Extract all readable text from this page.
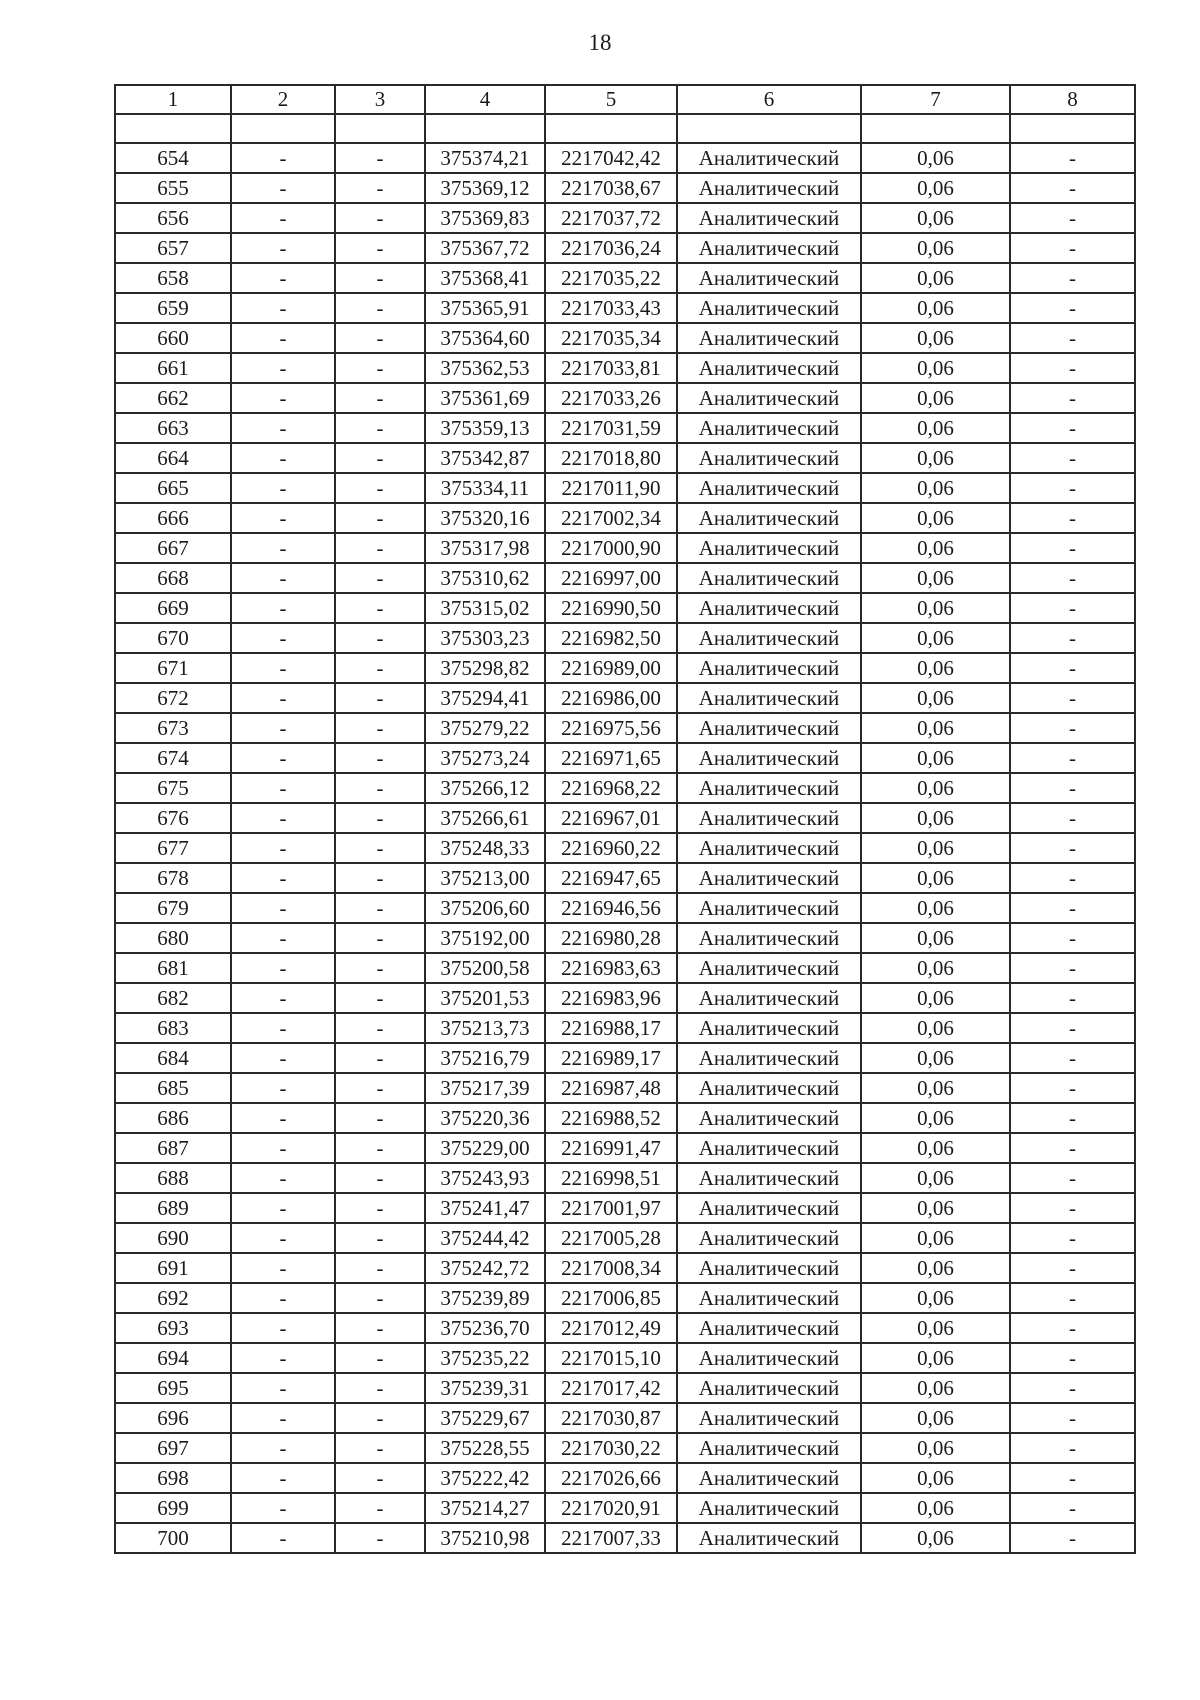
18
1	2	3	4	5	6	7	8

654	-	-	375374,21	2217042,42	Аналитический	0,06	-
655	-	-	375369,12	2217038,67	Аналитический	0,06	-
656	-	-	375369,83	2217037,72	Аналитический	0,06	-
657	-	-	375367,72	2217036,24	Аналитический	0,06	-
658	-	-	375368,41	2217035,22	Аналитический	0,06	-
659	-	-	375365,91	2217033,43	Аналитический	0,06	-
660	-	-	375364,60	2217035,34	Аналитический	0,06	-
661	-	-	375362,53	2217033,81	Аналитический	0,06	-
662	-	-	375361,69	2217033,26	Аналитический	0,06	-
663	-	-	375359,13	2217031,59	Аналитический	0,06	-
664	-	-	375342,87	2217018,80	Аналитический	0,06	-
665	-	-	375334,11	2217011,90	Аналитический	0,06	-
666	-	-	375320,16	2217002,34	Аналитический	0,06	-
667	-	-	375317,98	2217000,90	Аналитический	0,06	-
668	-	-	375310,62	2216997,00	Аналитический	0,06	-
669	-	-	375315,02	2216990,50	Аналитический	0,06	-
670	-	-	375303,23	2216982,50	Аналитический	0,06	-
671	-	-	375298,82	2216989,00	Аналитический	0,06	-
672	-	-	375294,41	2216986,00	Аналитический	0,06	-
673	-	-	375279,22	2216975,56	Аналитический	0,06	-
674	-	-	375273,24	2216971,65	Аналитический	0,06	-
675	-	-	375266,12	2216968,22	Аналитический	0,06	-
676	-	-	375266,61	2216967,01	Аналитический	0,06	-
677	-	-	375248,33	2216960,22	Аналитический	0,06	-
678	-	-	375213,00	2216947,65	Аналитический	0,06	-
679	-	-	375206,60	2216946,56	Аналитический	0,06	-
680	-	-	375192,00	2216980,28	Аналитический	0,06	-
681	-	-	375200,58	2216983,63	Аналитический	0,06	-
682	-	-	375201,53	2216983,96	Аналитический	0,06	-
683	-	-	375213,73	2216988,17	Аналитический	0,06	-
684	-	-	375216,79	2216989,17	Аналитический	0,06	-
685	-	-	375217,39	2216987,48	Аналитический	0,06	-
686	-	-	375220,36	2216988,52	Аналитический	0,06	-
687	-	-	375229,00	2216991,47	Аналитический	0,06	-
688	-	-	375243,93	2216998,51	Аналитический	0,06	-
689	-	-	375241,47	2217001,97	Аналитический	0,06	-
690	-	-	375244,42	2217005,28	Аналитический	0,06	-
691	-	-	375242,72	2217008,34	Аналитический	0,06	-
692	-	-	375239,89	2217006,85	Аналитический	0,06	-
693	-	-	375236,70	2217012,49	Аналитический	0,06	-
694	-	-	375235,22	2217015,10	Аналитический	0,06	-
695	-	-	375239,31	2217017,42	Аналитический	0,06	-
696	-	-	375229,67	2217030,87	Аналитический	0,06	-
697	-	-	375228,55	2217030,22	Аналитический	0,06	-
698	-	-	375222,42	2217026,66	Аналитический	0,06	-
699	-	-	375214,27	2217020,91	Аналитический	0,06	-
700	-	-	375210,98	2217007,33	Аналитический	0,06	-
